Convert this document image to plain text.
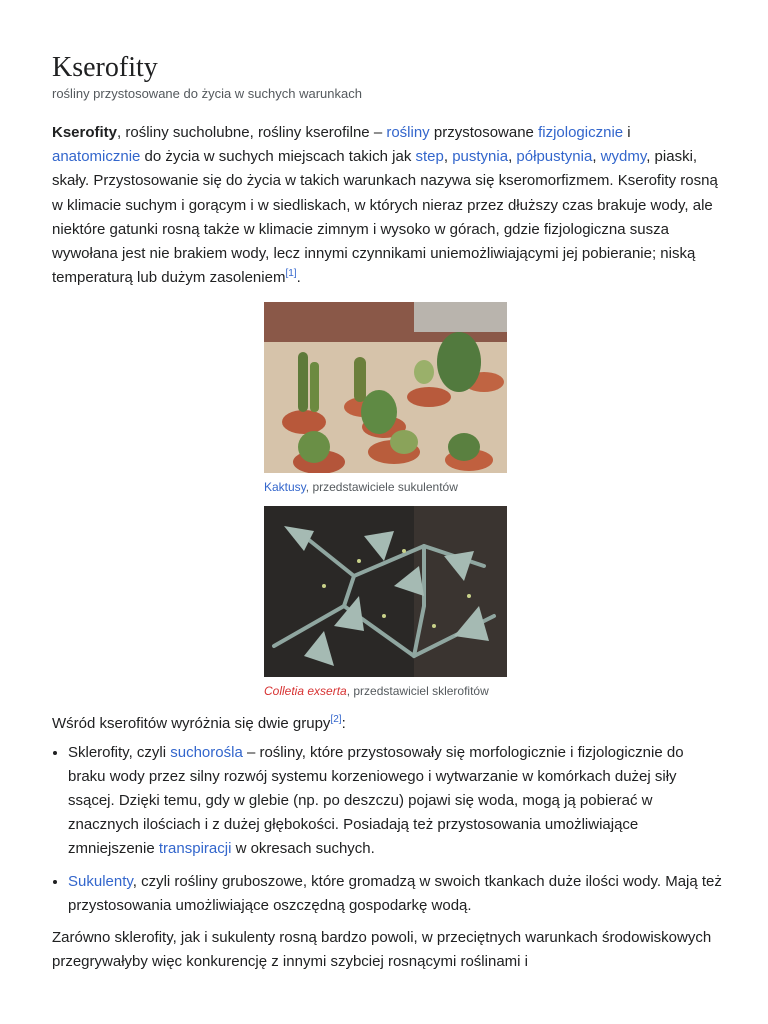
Kserofity
rośliny przystosowane do życia w suchych warunkach

Kserofity, rośliny sucholubne, rośliny kserofilne – rośliny przystosowane fizjologicznie i anatomicznie do życia w suchych miejscach takich jak step, pustynia, półpustynia, wydmy, piaski, skały. Przystosowanie się do życia w takich warunkach nazywa się kseromorfizmem. Kserofity rosną w klimacie suchym i gorącym i w siedliskach, w których nieraz przez dłuższy czas brakuje wody, ale niektóre gatunki rosną także w klimacie zimnym i wysoko w górach, gdzie fizjologiczna susza wywołana jest nie brakiem wody, lecz innymi czynnikami uniemożliwiającymi jej pobieranie; niską temperaturą lub dużym zasoleniem[1].

Kaktusy, przedstawiciele sukulentów
Colletia exserta, przedstawiciel sklerofitów

Wśród kserofitów wyróżnia się dwie grupy[2]:

• Sklerofity, czyli suchorośla – rośliny, które przystosowały się morfologicznie i fizjologicznie do braku wody przez silny rozwój systemu korzeniowego i wytwarzanie w komórkach dużej siły ssącej. Dzięki temu, gdy w glebie (np. po deszczu) pojawi się woda, mogą ją pobierać w znacznych ilościach i z dużej głębokości. Posiadają też przystosowania umożliwiające zmniejszenie transpiracji w okresach suchych.
• Sukulenty, czyli rośliny gruboszowe, które gromadzą w swoich tkankach duże ilości wody. Mają też przystosowania umożliwiające oszczędną gospodarkę wodą.

Zarówno sklerofity, jak i sukulenty rosną bardzo powoli, w przeciętnych warunkach środowiskowych przegrywałyby więc konkurencję z innymi szybciej rosnącymi roślinami i
